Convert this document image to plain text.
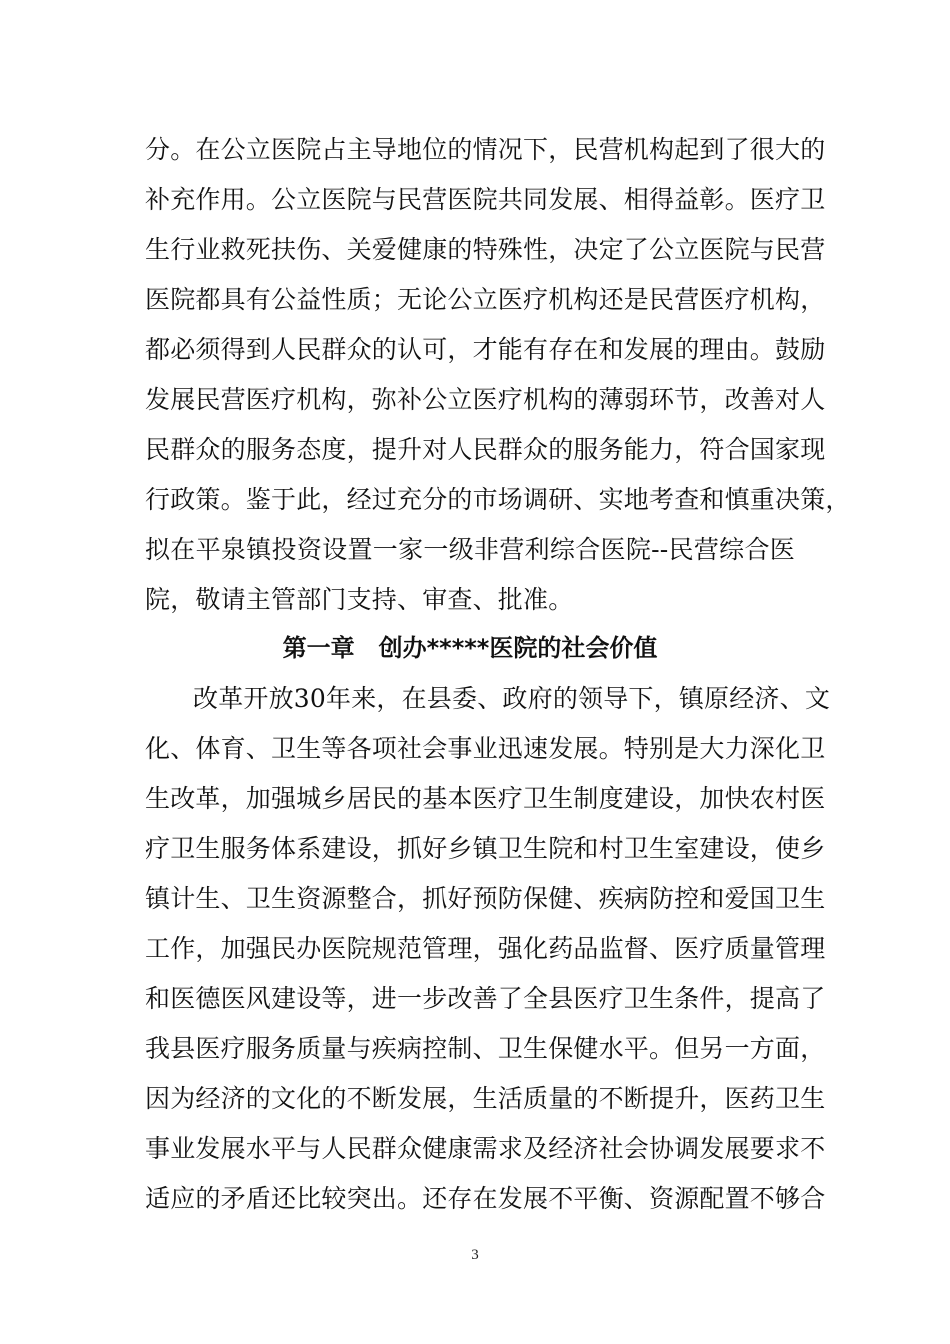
分。在公立医院占主导地位的情况下，民营机构起到了很大的
补充作用。公立医院与民营医院共同发展、相得益彰。医疗卫
生行业救死扶伤、关爱健康的特殊性，决定了公立医院与民营
医院都具有公益性质；无论公立医疗机构还是民营医疗机构，
都必须得到人民群众的认可，才能有存在和发展的理由。鼓励
发展民营医疗机构，弥补公立医疗机构的薄弱环节，改善对人
民群众的服务态度，提升对人民群众的服务能力，符合国家现
行政策。鉴于此，经过充分的市场调研、实地考查和慎重决策，
拟在平泉镇投资设置一家一级非营利综合医院--民营综合医
院，敬请主管部门支持、审查、批准。
第一章　创办*****医院的社会价值
改革开放30年来，在县委、政府的领导下，镇原经济、文
化、体育、卫生等各项社会事业迅速发展。特别是大力深化卫
生改革，加强城乡居民的基本医疗卫生制度建设，加快农村医
疗卫生服务体系建设，抓好乡镇卫生院和村卫生室建设，使乡
镇计生、卫生资源整合，抓好预防保健、疾病防控和爱国卫生
工作，加强民办医院规范管理，强化药品监督、医疗质量管理
和医德医风建设等，进一步改善了全县医疗卫生条件，提高了
我县医疗服务质量与疾病控制、卫生保健水平。但另一方面，
因为经济的文化的不断发展，生活质量的不断提升，医药卫生
事业发展水平与人民群众健康需求及经济社会协调发展要求不
适应的矛盾还比较突出。还存在发展不平衡、资源配置不够合
3
